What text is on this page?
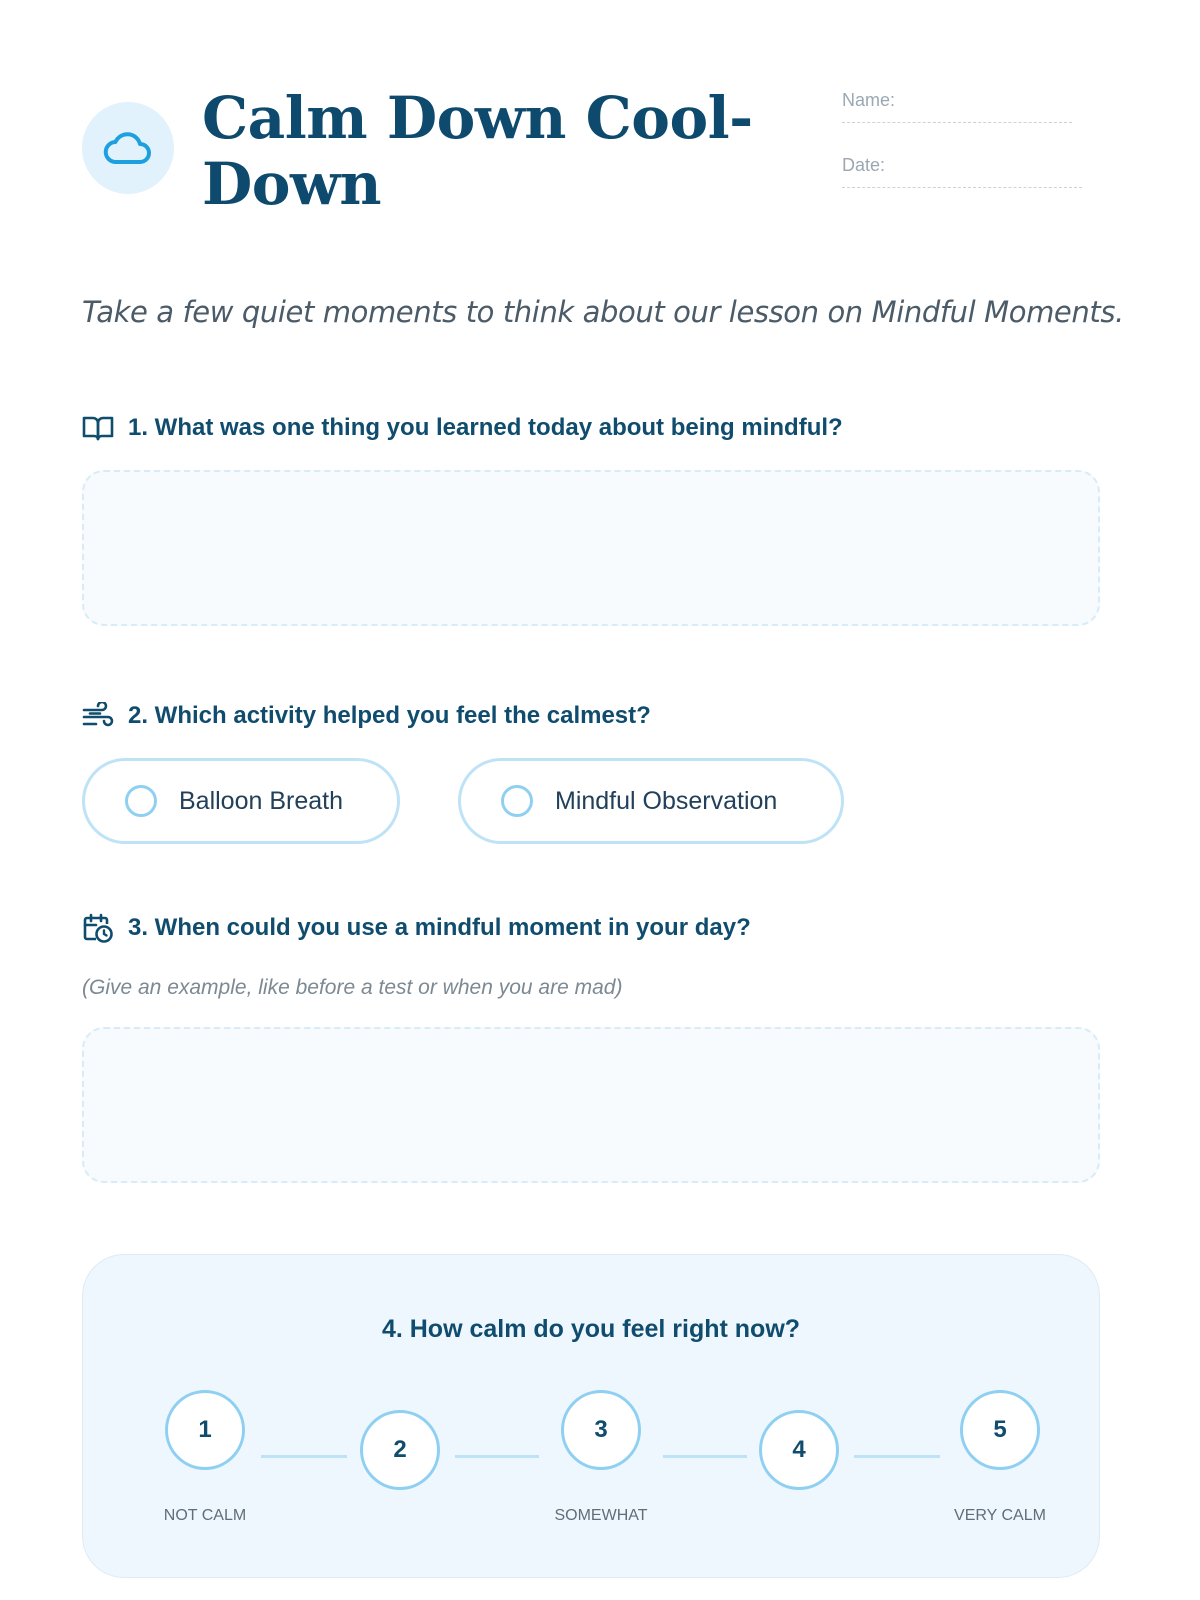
Calm Down Cool-Down
Name:
Date:

Take a few quiet moments to think about our lesson on Mindful Moments.

1. What was one thing you learned today about being mindful?
2. Which activity helped you feel the calmest?
Balloon Breath	Mindful Observation
3. When could you use a mindful moment in your day?

(Give an example, like before a test or when you are mad)

4. How calm do you feel right now?
1
2
3
4
5
NOT CALM	SOMEWHAT	VERY CALM
